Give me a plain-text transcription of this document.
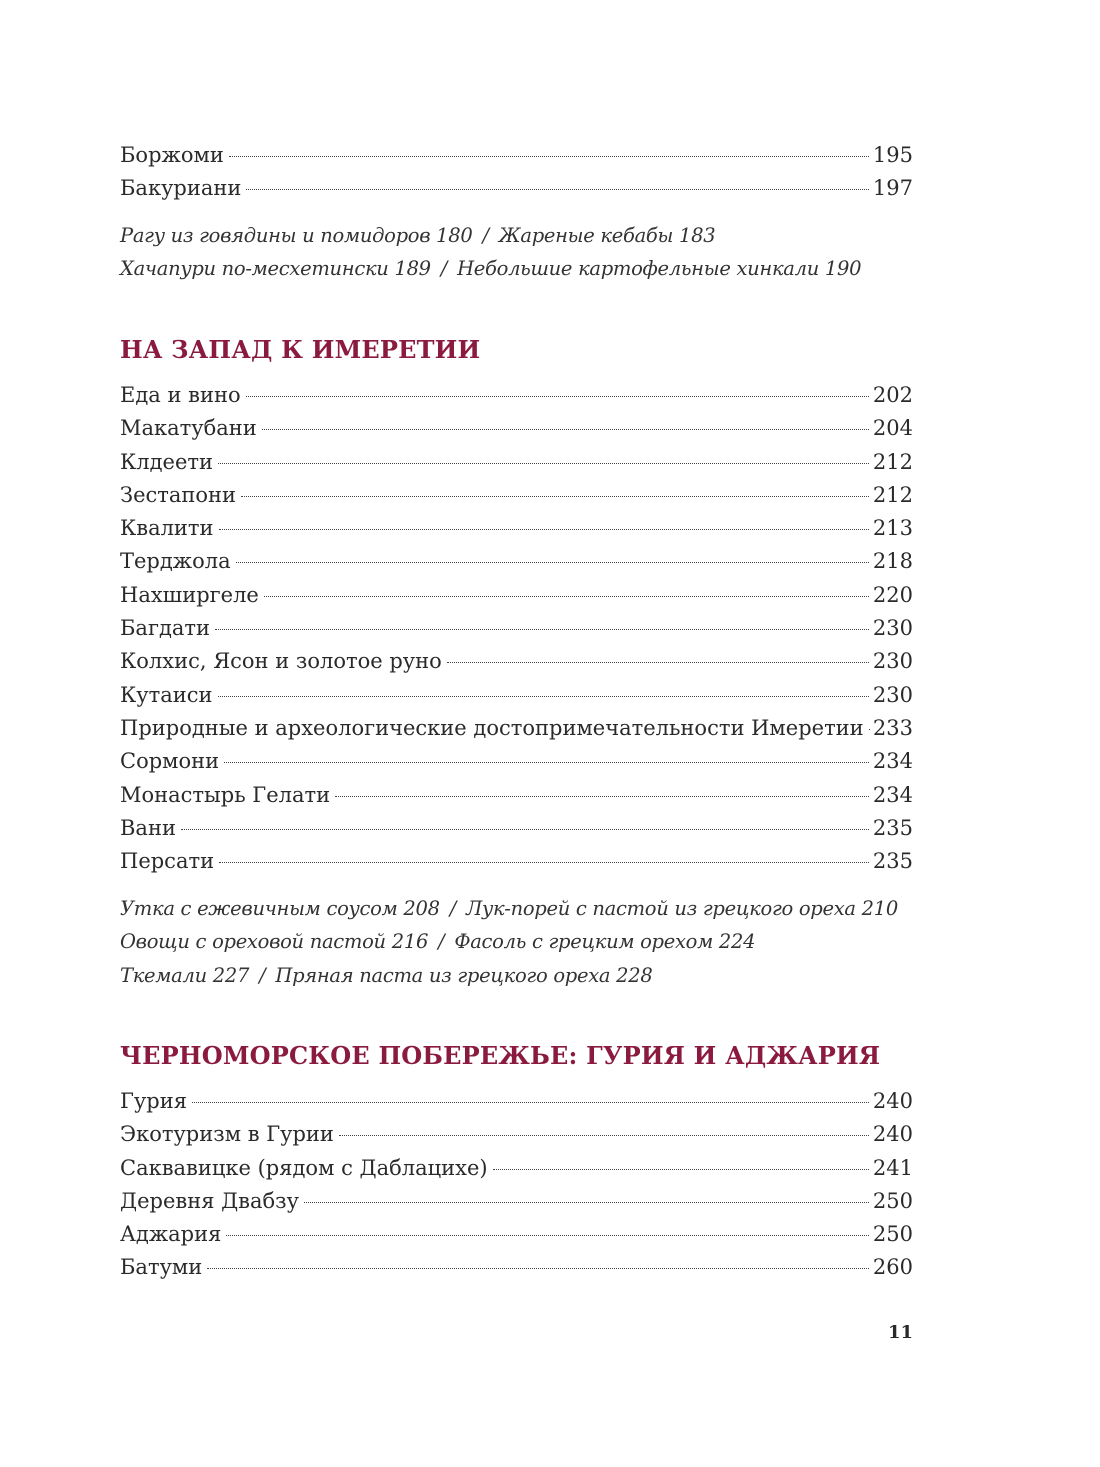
Боржоми	195
Бакуриани	197
Рагу из говядины и помидоров 180 / Жареные кебабы 183
Хачапури по-месхетински 189 / Небольшие картофельные хинкали 190
НА ЗАПАД К ИМЕРЕТИИ
Еда и вино	202
Макатубани	204
Клдеети	212
Зестапони	212
Квалити	213
Терджола	218
Нахширгеле	220
Багдати	230
Колхис, Ясон и золотое руно	230
Кутаиси	230
Природные и археологические достопримечательности Имеретии 233
Сормони	234
Монастырь Гелати	234
Вани	235
Персати	235
Утка с ежевичным соусом 208 / Лук-порей с пастой из грецкого ореха 210
Овощи с ореховой пастой 216 / Фасоль с грецким орехом 224
Ткемали 227 / Пряная паста из грецкого ореха 228
ЧЕРНОМОРСКОЕ ПОБЕРЕЖЬЕ: ГУРИЯ И АДЖАРИЯ
Гурия	240
Экотуризм в Гурии	240
Саквавицке (рядом с Даблацихе)	241
Деревня Двабзу	250
Аджария	250
Батуми	260
11
